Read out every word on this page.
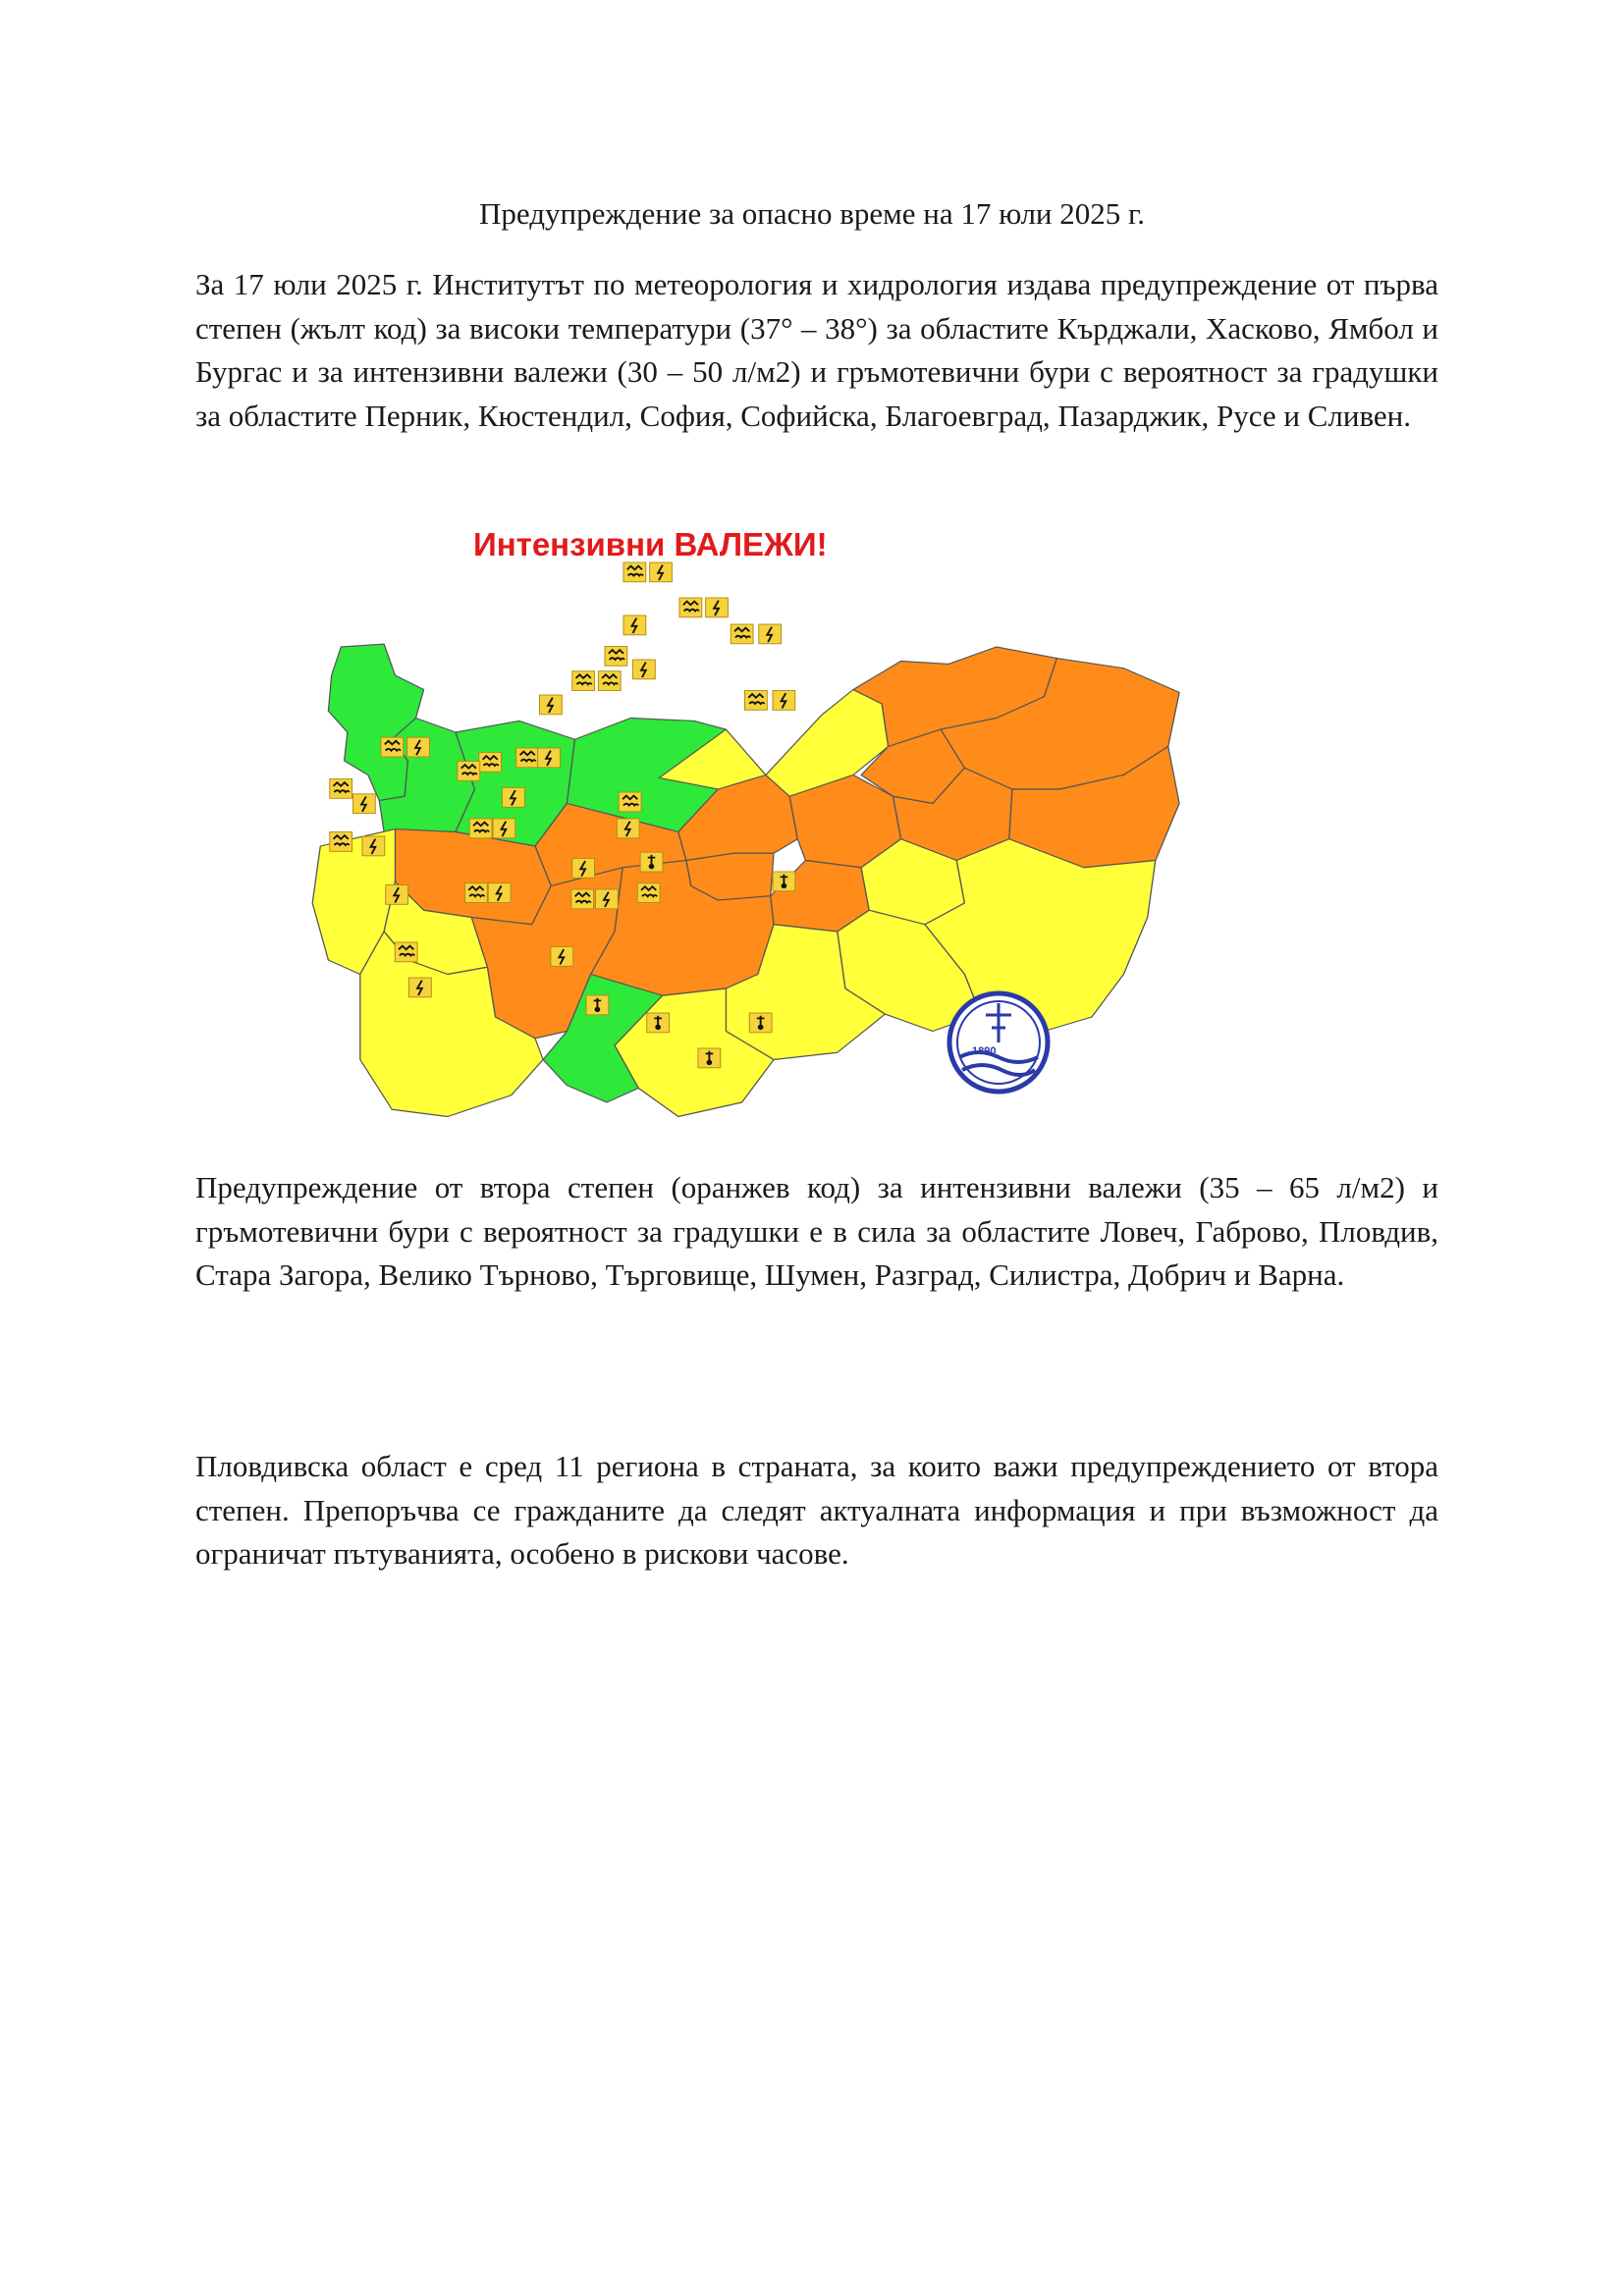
Предупреждение за опасно време на 17 юли 2025 г.

За 17 юли 2025 г. Институтът по метеорология и хидрология издава предупреждение от първа степен (жълт код) за високи температури (37° – 38°) за областите Кърджали, Хасково, Ямбол и Бургас и за интензивни валежи (30 – 50 л/м2) и гръмотевични бури с вероятност за градушки за областите Перник, Кюстендил, София, Софийска, Благоевград, Пазарджик, Русе и Сливен.

Интензивни ВАЛЕЖИ!
1890

Предупреждение от втора степен (оранжев код) за интензивни валежи (35 – 65 л/м2) и гръмотевични бури с вероятност за градушки е в сила за областите Ловеч, Габрово, Пловдив, Стара Загора, Велико Търново, Търговище, Шумен, Разград, Силистра, Добрич и Варна.

Пловдивска област е сред 11 региона в страната, за които важи предупреждението от втора степен. Препоръчва се гражданите да следят актуалната информация и при възможност да ограничат пътуванията, особено в рискови часове.
